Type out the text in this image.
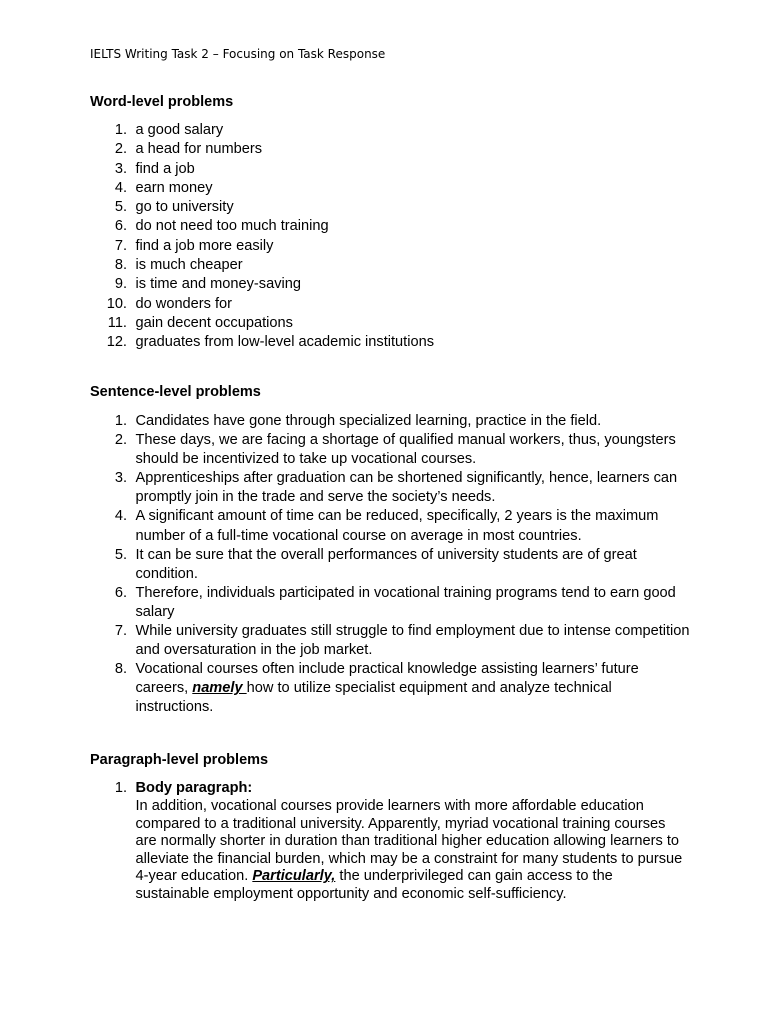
IELTS Writing Task 2 – Focusing on Task Response
Word-level problems
1. a good salary
2. a head for numbers
3. find a job
4. earn money
5. go to university
6. do not need too much training
7. find a job more easily
8. is much cheaper
9. is time and money-saving
10. do wonders for
11. gain decent occupations
12. graduates from low-level academic institutions
Sentence-level problems
1. Candidates have gone through specialized learning, practice in the field.
2. These days, we are facing a shortage of qualified manual workers, thus, youngsters should be incentivized to take up vocational courses.
3. Apprenticeships after graduation can be shortened significantly, hence, learners can promptly join in the trade and serve the society’s needs.
4. A significant amount of time can be reduced, specifically, 2 years is the maximum number of a full-time vocational course on average in most countries.
5. It can be sure that the overall performances of university students are of great condition.
6. Therefore, individuals participated in vocational training programs tend to earn good salary
7. While university graduates still struggle to find employment due to intense competition and oversaturation in the job market.
8. Vocational courses often include practical knowledge assisting learners’ future careers, namely how to utilize specialist equipment and analyze technical instructions.
Paragraph-level problems
1. Body paragraph:
In addition, vocational courses provide learners with more affordable education compared to a traditional university. Apparently, myriad vocational training courses are normally shorter in duration than traditional higher education allowing learners to alleviate the financial burden, which may be a constraint for many students to pursue 4-year education. Particularly, the underprivileged can gain access to the sustainable employment opportunity and economic self-sufficiency.
